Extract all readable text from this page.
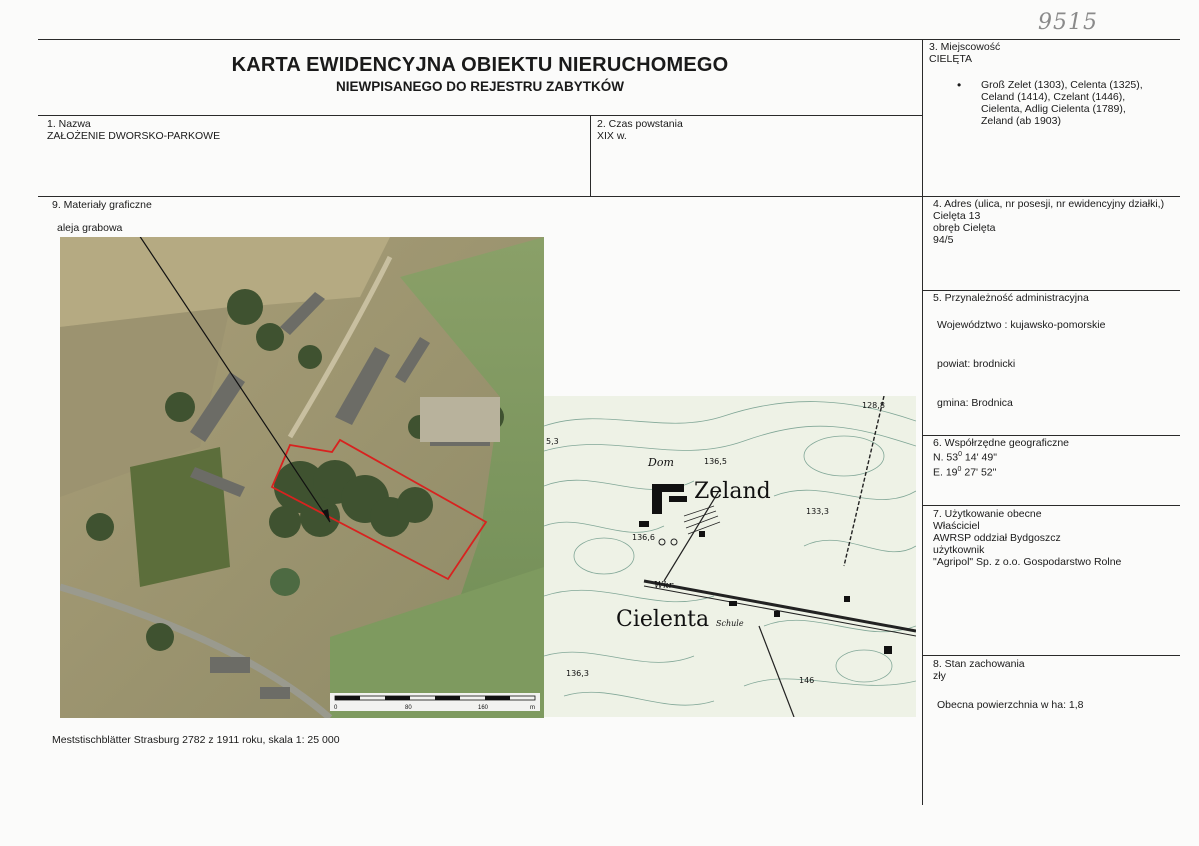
9515
KARTA EWIDENCYJNA OBIEKTU NIERUCHOMEGO
NIEWPISANEGO DO REJESTRU ZABYTKÓW
1. Nazwa
ZAŁOŻENIE DWORSKO-PARKOWE
2. Czas powstania
XIX w.
3. Miejscowość
CIELĘTA
• Groß Zelet (1303), Celenta (1325), Celand (1414), Czelant (1446), Cielenta, Adlig Cielenta (1789), Zeland (ab 1903)
4. Adres (ulica, nr posesji, nr ewidencyjny działki,)
Cielęta 13
obręb Cielęta
94/5
5. Przynależność administracyjna
Województwo : kujawsko-pomorskie
powiat: brodnicki
gmina: Brodnica
6. Współrzędne geograficzne
N. $53^0$ 14' 49"
E. $19^0$ 27' 52"
7. Użytkowanie obecne
Właściciel
AWRSP oddział Bydgoszcz
użytkownik
"Agripol" Sp. z o.o. Gospodarstwo Rolne
8. Stan zachowania
zły
Obecna powierzchnia w ha: 1,8
9. Materiały graficzne
aleja grabowa
Meststischblätter Strasburg 2782 z 1911 roku, skala 1: 25 000
0	80	160	m
Dom
Zeland
Cielenta Schule
Wkr
128,8
136,5
133,3
136,6
136,3
146
5,3
